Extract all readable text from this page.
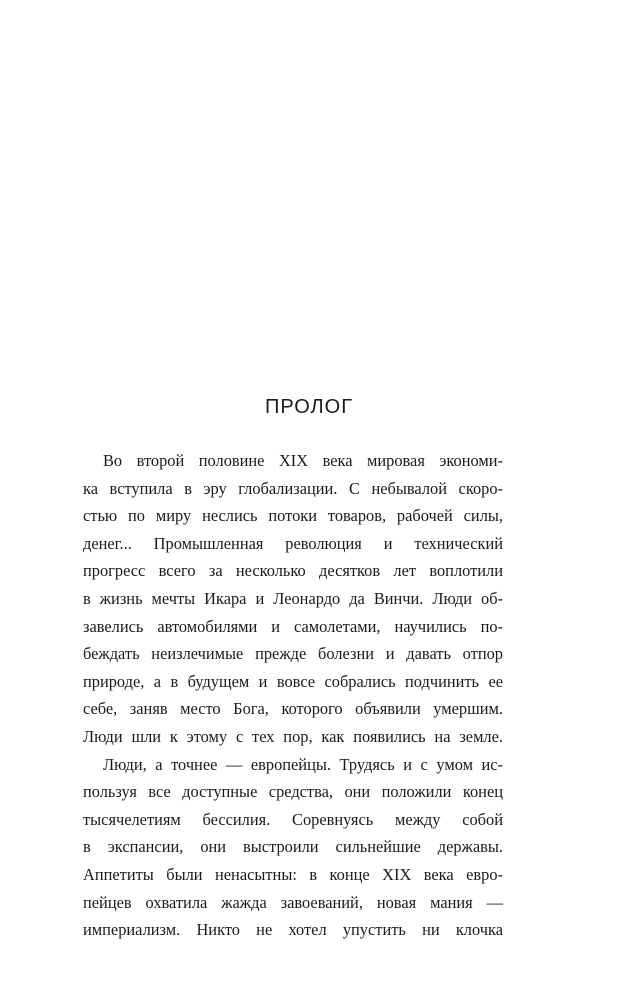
ПРОЛОГ
Во второй половине XIX века мировая экономи-
ка вступила в эру глобализации. С небывалой скоро-
стью по миру неслись потоки товаров, рабочей силы,
денег... Промышленная революция и технический
прогресс всего за несколько десятков лет воплотили
в жизнь мечты Икара и Леонардо да Винчи. Люди об-
завелись автомобилями и самолетами, научились по-
беждать неизлечимые прежде болезни и давать отпор
природе, а в будущем и вовсе собрались подчинить ее
себе, заняв место Бога, которого объявили умершим.
Люди шли к этому с тех пор, как появились на земле.
Люди, а точнее — европейцы. Трудясь и с умом ис-
пользуя все доступные средства, они положили конец
тысячелетиям бессилия. Соревнуясь между собой
в экспансии, они выстроили сильнейшие державы.
Аппетиты были ненасытны: в конце XIX века евро-
пейцев охватила жажда завоеваний, новая мания —
империализм. Никто не хотел упустить ни клочка
